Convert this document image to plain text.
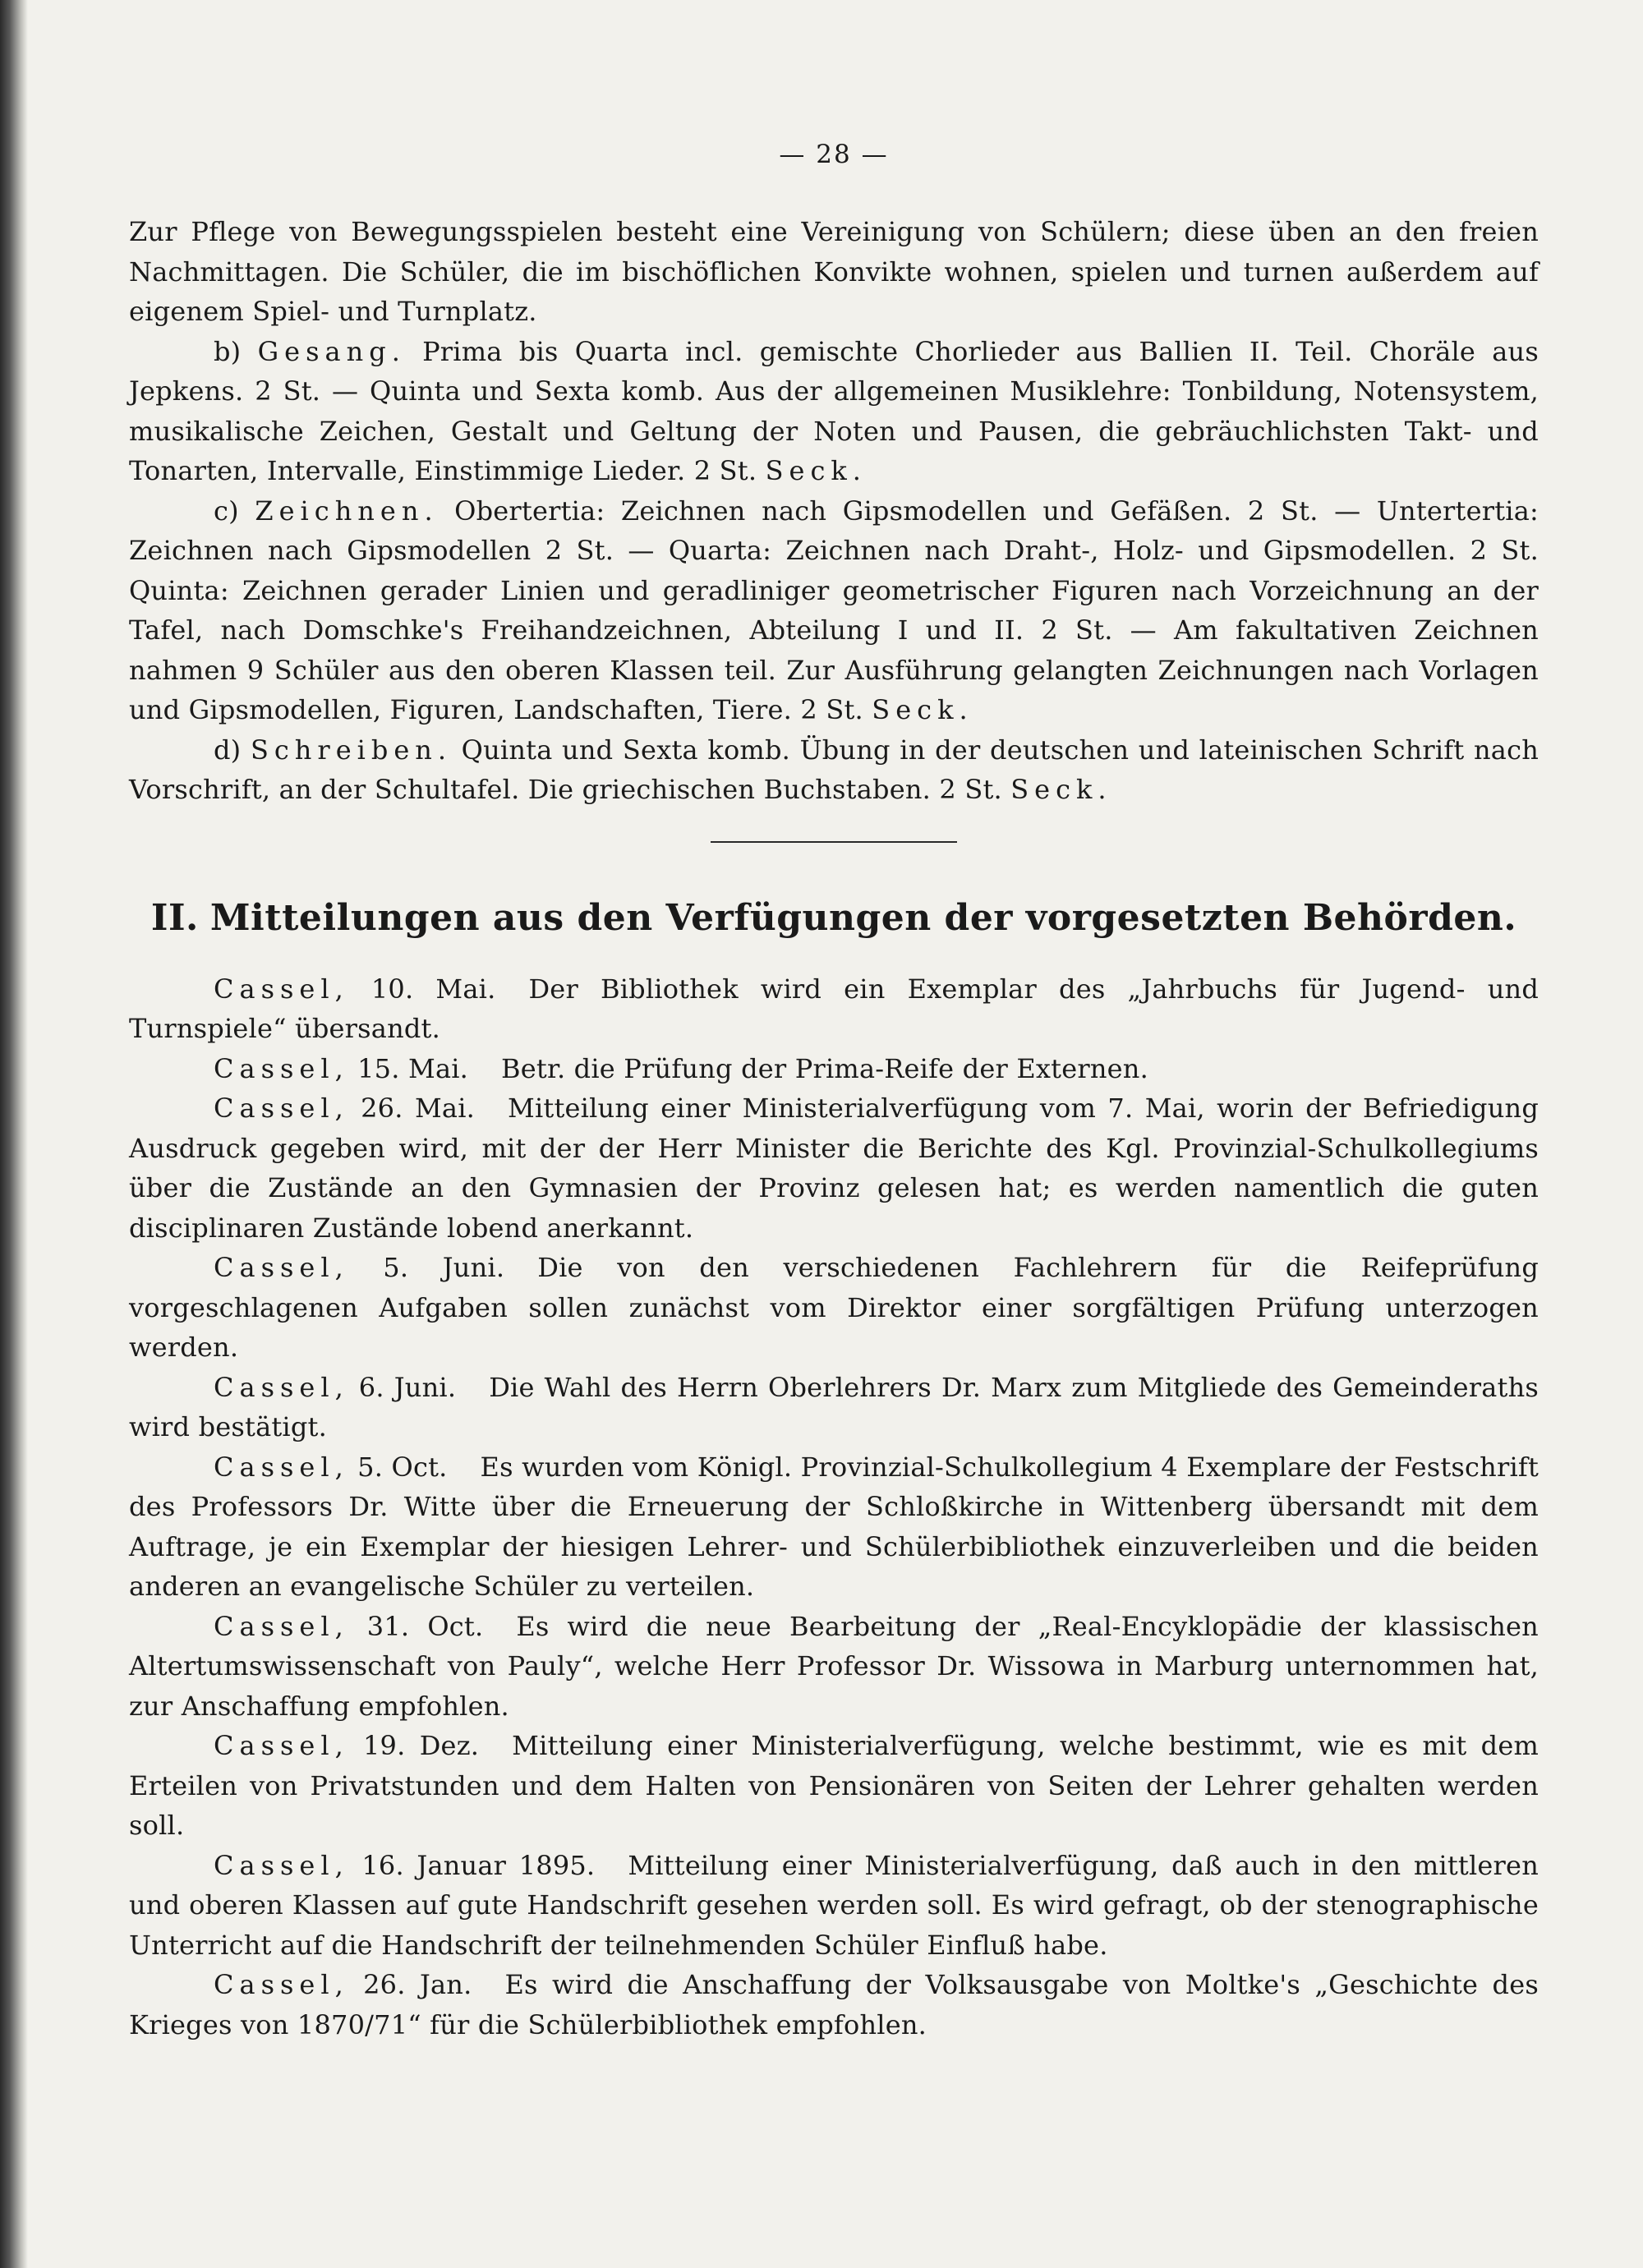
— 28 —

Zur Pflege von Bewegungsspielen besteht eine Vereinigung von Schülern; diese üben an den freien Nachmittagen. Die Schüler, die im bischöflichen Konvikte wohnen, spielen und turnen außerdem auf eigenem Spiel- und Turnplatz.

b) Gesang. Prima bis Quarta incl. gemischte Chorlieder aus Ballien II. Teil. Choräle aus Jepkens. 2 St. — Quinta und Sexta komb. Aus der allgemeinen Musiklehre: Tonbildung, Notensystem, musikalische Zeichen, Gestalt und Geltung der Noten und Pausen, die gebräuchlichsten Takt- und Tonarten, Intervalle, Einstimmige Lieder. 2 St. Seck.

c) Zeichnen. Obertertia: Zeichnen nach Gipsmodellen und Gefäßen. 2 St. — Untertertia: Zeichnen nach Gipsmodellen 2 St. — Quarta: Zeichnen nach Draht-, Holz- und Gipsmodellen. 2 St. Quinta: Zeichnen gerader Linien und geradliniger geometrischer Figuren nach Vorzeichnung an der Tafel, nach Domschke's Freihandzeichnen, Abteilung I und II. 2 St. — Am fakultativen Zeichnen nahmen 9 Schüler aus den oberen Klassen teil. Zur Ausführung gelangten Zeichnungen nach Vorlagen und Gipsmodellen, Figuren, Landschaften, Tiere. 2 St. Seck.

d) Schreiben. Quinta und Sexta komb. Übung in der deutschen und lateinischen Schrift nach Vorschrift, an der Schultafel. Die griechischen Buchstaben. 2 St. Seck.

II. Mitteilungen aus den Verfügungen der vorgesetzten Behörden.

Cassel, 10. Mai. Der Bibliothek wird ein Exemplar des „Jahrbuchs für Jugend- und Turnspiele“ übersandt.

Cassel, 15. Mai. Betr. die Prüfung der Prima-Reife der Externen.

Cassel, 26. Mai. Mitteilung einer Ministerialverfügung vom 7. Mai, worin der Befriedigung Ausdruck gegeben wird, mit der der Herr Minister die Berichte des Kgl. Provinzial-Schulkollegiums über die Zustände an den Gymnasien der Provinz gelesen hat; es werden namentlich die guten disciplinaren Zustände lobend anerkannt.

Cassel, 5. Juni. Die von den verschiedenen Fachlehrern für die Reifeprüfung vorgeschlagenen Aufgaben sollen zunächst vom Direktor einer sorgfältigen Prüfung unterzogen werden.

Cassel, 6. Juni. Die Wahl des Herrn Oberlehrers Dr. Marx zum Mitgliede des Gemeinderaths wird bestätigt.

Cassel, 5. Oct. Es wurden vom Königl. Provinzial-Schulkollegium 4 Exemplare der Festschrift des Professors Dr. Witte über die Erneuerung der Schloßkirche in Wittenberg übersandt mit dem Auftrage, je ein Exemplar der hiesigen Lehrer- und Schülerbibliothek einzuverleiben und die beiden anderen an evangelische Schüler zu verteilen.

Cassel, 31. Oct. Es wird die neue Bearbeitung der „Real-Encyklopädie der klassischen Altertumswissenschaft von Pauly“, welche Herr Professor Dr. Wissowa in Marburg unternommen hat, zur Anschaffung empfohlen.

Cassel, 19. Dez. Mitteilung einer Ministerialverfügung, welche bestimmt, wie es mit dem Erteilen von Privatstunden und dem Halten von Pensionären von Seiten der Lehrer gehalten werden soll.

Cassel, 16. Januar 1895. Mitteilung einer Ministerialverfügung, daß auch in den mittleren und oberen Klassen auf gute Handschrift gesehen werden soll. Es wird gefragt, ob der stenographische Unterricht auf die Handschrift der teilnehmenden Schüler Einfluß habe.

Cassel, 26. Jan. Es wird die Anschaffung der Volksausgabe von Moltke's „Geschichte des Krieges von 1870/71“ für die Schülerbibliothek empfohlen.
